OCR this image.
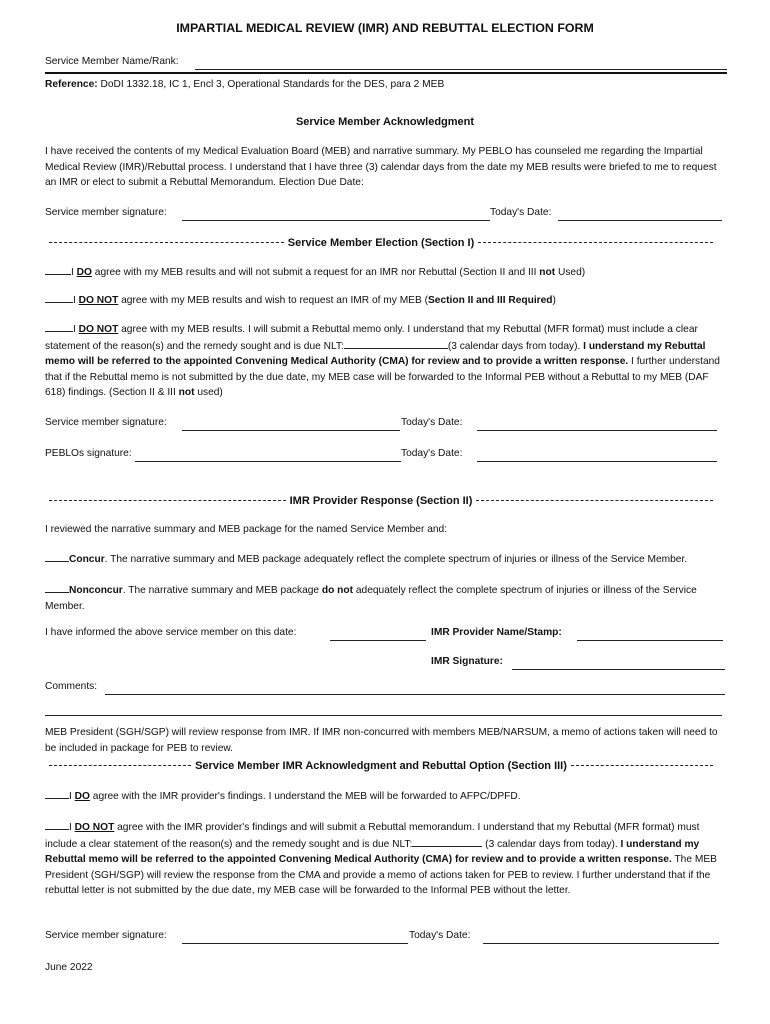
IMPARTIAL MEDICAL REVIEW (IMR) AND REBUTTAL ELECTION FORM
Service Member Name/Rank:
Reference: DoDI 1332.18, IC 1, Encl 3, Operational Standards for the DES, para 2 MEB
Service Member Acknowledgment
I have received the contents of my Medical Evaluation Board (MEB) and narrative summary. My PEBLO has counseled me regarding the Impartial Medical Review (IMR)/Rebuttal process. I understand that I have three (3) calendar days from the date my MEB results were briefed to me to request an IMR or elect to submit a Rebuttal Memorandum. Election Due Date:
Service member signature:	Today's Date:
Service Member Election (Section I)
I DO agree with my MEB results and will not submit a request for an IMR nor Rebuttal (Section II and III not Used)
I DO NOT agree with my MEB results and wish to request an IMR of my MEB (Section II and III Required)
I DO NOT agree with my MEB results. I will submit a Rebuttal memo only. I understand that my Rebuttal (MFR format) must include a clear statement of the reason(s) and the remedy sought and is due NLT:	(3 calendar days from today). I understand my Rebuttal memo will be referred to the appointed Convening Medical Authority (CMA) for review and to provide a written response. I further understand that if the Rebuttal memo is not submitted by the due date, my MEB case will be forwarded to the Informal PEB without a Rebuttal to my MEB (DAF 618) findings. (Section II & III not used)
Service member signature:	Today's Date:
PEBLOs signature:	Today's Date:
IMR Provider Response (Section II)
I reviewed the narrative summary and MEB package for the named Service Member and:
Concur. The narrative summary and MEB package adequately reflect the complete spectrum of injuries or illness of the Service Member.
Nonconcur. The narrative summary and MEB package do not adequately reflect the complete spectrum of injuries or illness of the Service Member.
I have informed the above service member on this date:	IMR Provider Name/Stamp:
IMR Signature:
Comments:
MEB President (SGH/SGP) will review response from IMR. If IMR non-concurred with members MEB/NARSUM, a memo of actions taken will need to be included in package for PEB to review.
Service Member IMR Acknowledgment and Rebuttal Option (Section III)
I DO agree with the IMR provider's findings. I understand the MEB will be forwarded to AFPC/DPFD.
I DO NOT agree with the IMR provider's findings and will submit a Rebuttal memorandum. I understand that my Rebuttal (MFR format) must include a clear statement of the reason(s) and the remedy sought and is due NLT:	(3 calendar days from today). I understand my Rebuttal memo will be referred to the appointed Convening Medical Authority (CMA) for review and to provide a written response. The MEB President (SGH/SGP) will review the response from the CMA and provide a memo of actions taken for PEB to review. I further understand that if the rebuttal letter is not submitted by the due date, my MEB case will be forwarded to the Informal PEB without the letter.
Service member signature:	Today's Date:
June 2022
